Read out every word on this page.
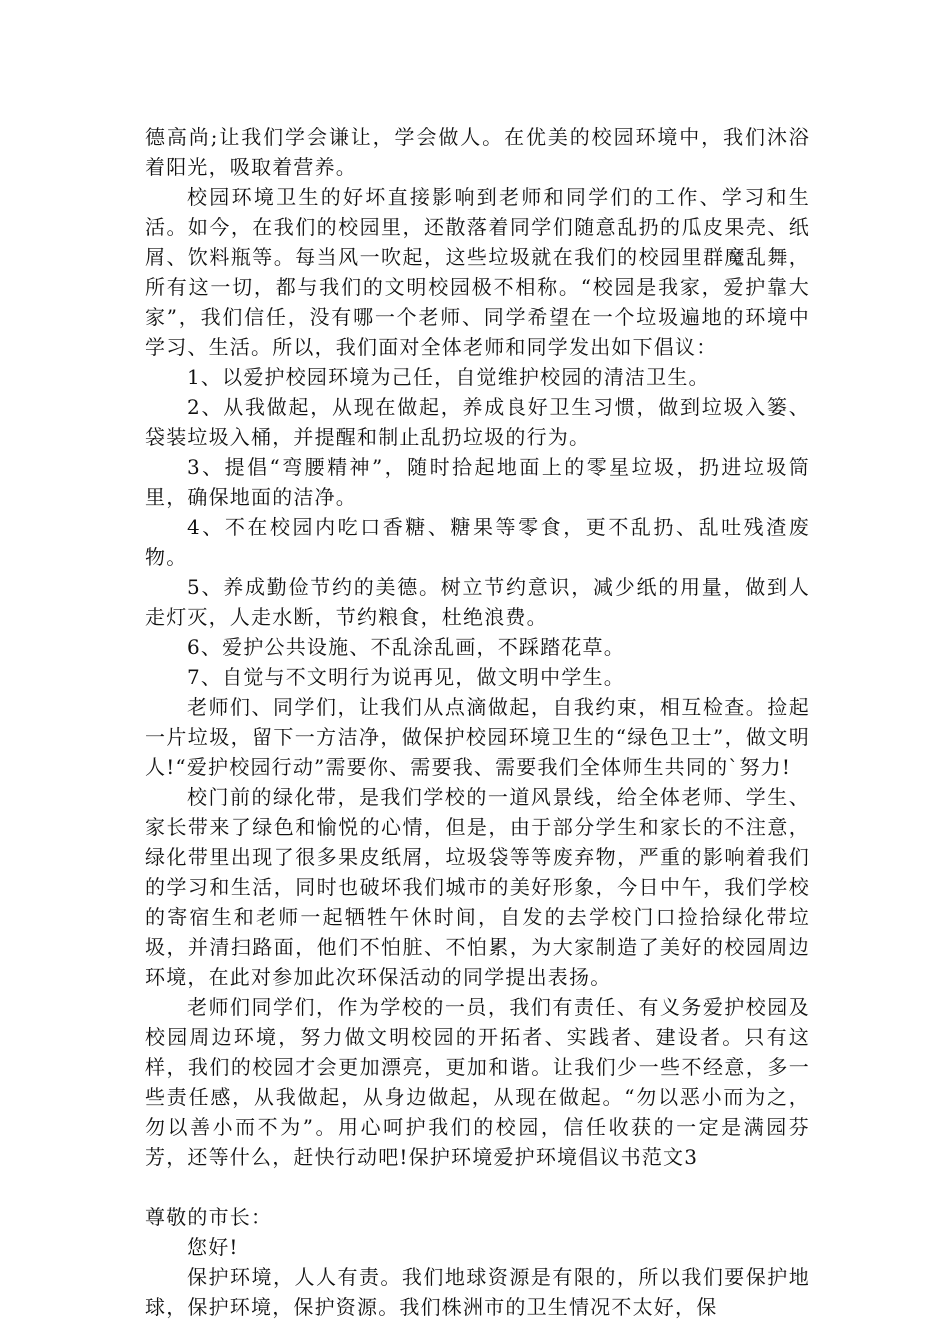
德高尚;让我们学会谦让，学会做人。在优美的校园环境中，我们沐浴着阳光，吸取着营养。

校园环境卫生的好坏直接影响到老师和同学们的工作、学习和生活。如今，在我们的校园里，还散落着同学们随意乱扔的瓜皮果壳、纸屑、饮料瓶等。每当风一吹起，这些垃圾就在我们的校园里群魔乱舞，所有这一切，都与我们的文明校园极不相称。“校园是我家，爱护靠大家”，我们信任，没有哪一个老师、同学希望在一个垃圾遍地的环境中学习、生活。所以，我们面对全体老师和同学发出如下倡议：

1、以爱护校园环境为己任，自觉维护校园的清洁卫生。

2、从我做起，从现在做起，养成良好卫生习惯，做到垃圾入篓、袋装垃圾入桶，并提醒和制止乱扔垃圾的行为。

3、提倡“弯腰精神”，随时拾起地面上的零星垃圾，扔进垃圾筒里，确保地面的洁净。

4、不在校园内吃口香糖、糖果等零食，更不乱扔、乱吐残渣废物。

5、养成勤俭节约的美德。树立节约意识，减少纸的用量，做到人走灯灭，人走水断，节约粮食，杜绝浪费。

6、爱护公共设施、不乱涂乱画，不踩踏花草。

7、自觉与不文明行为说再见，做文明中学生。

老师们、同学们，让我们从点滴做起，自我约束，相互检查。捡起一片垃圾，留下一方洁净，做保护校园环境卫生的“绿色卫士”，做文明人!“爱护校园行动”需要你、需要我、需要我们全体师生共同的`努力!

校门前的绿化带，是我们学校的一道风景线，给全体老师、学生、家长带来了绿色和愉悦的心情，但是，由于部分学生和家长的不注意，绿化带里出现了很多果皮纸屑，垃圾袋等等废弃物，严重的影响着我们的学习和生活，同时也破坏我们城市的美好形象，今日中午，我们学校的寄宿生和老师一起牺牲午休时间，自发的去学校门口捡拾绿化带垃圾，并清扫路面，他们不怕脏、不怕累，为大家制造了美好的校园周边环境，在此对参加此次环保活动的同学提出表扬。

老师们同学们，作为学校的一员，我们有责任、有义务爱护校园及校园周边环境，努力做文明校园的开拓者、实践者、建设者。只有这样，我们的校园才会更加漂亮，更加和谐。让我们少一些不经意，多一些责任感，从我做起，从身边做起，从现在做起。“勿以恶小而为之，勿以善小而不为”。用心呵护我们的校园，信任收获的一定是满园芬芳，还等什么，赶快行动吧!保护环境爱护环境倡议书范文3

尊敬的市长：

您好!

保护环境，人人有责。我们地球资源是有限的，所以我们要保护地球，保护环境，保护资源。我们株洲市的卫生情况不太好，保
